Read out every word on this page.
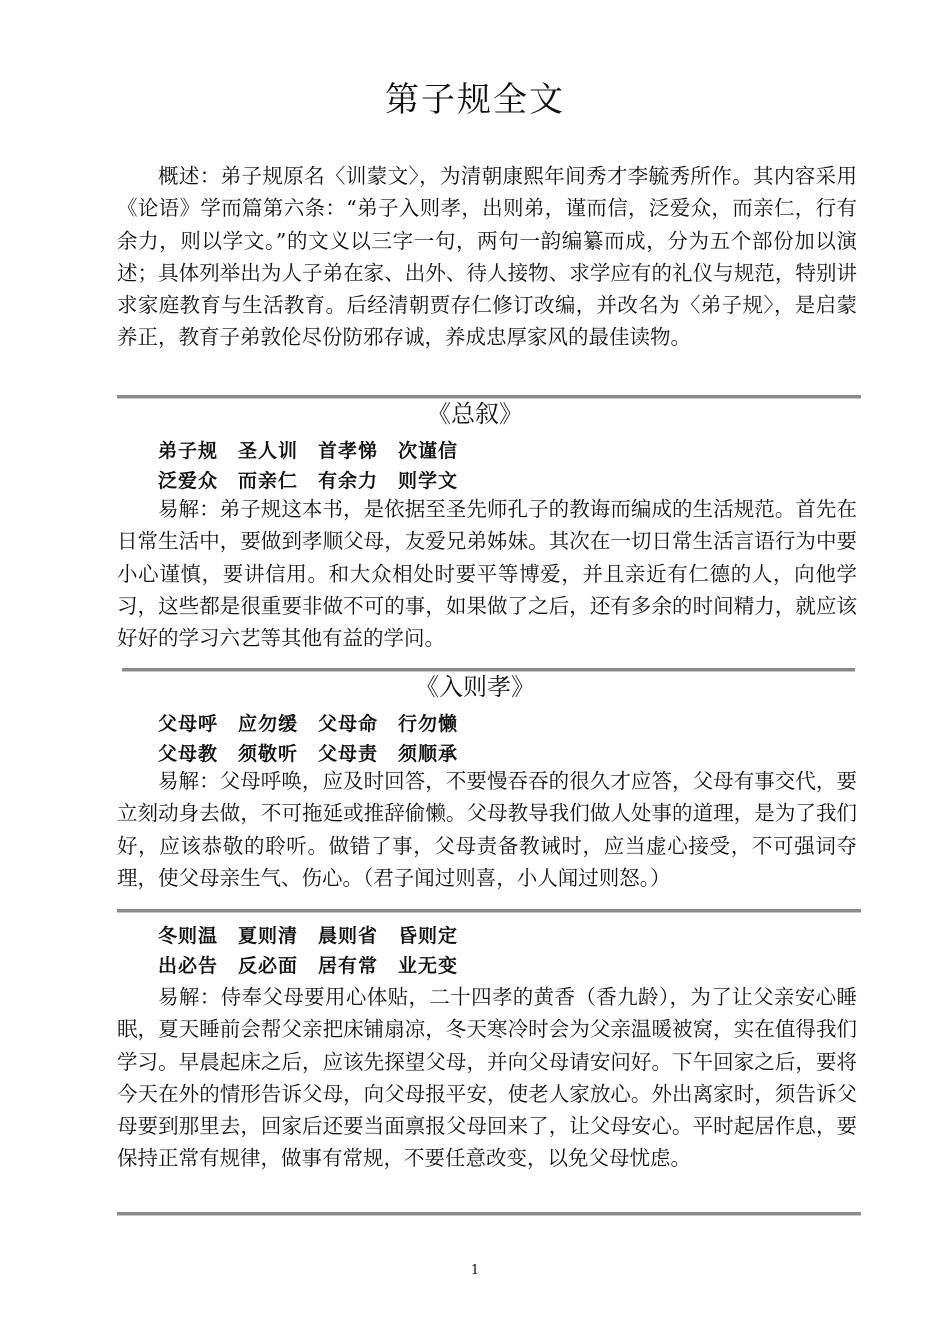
第子规全文

概述：弟子规原名〈训蒙文〉，为清朝康熙年间秀才李毓秀所作。其内容采用《论语》学而篇第六条：“弟子入则孝，出则弟，谨而信，泛爱众，而亲仁，行有余力，则以学文。”的文义以三字一句，两句一韵编纂而成，分为五个部份加以演述；具体列举出为人子弟在家、出外、待人接物、求学应有的礼仪与规范，特别讲求家庭教育与生活教育。后经清朝贾存仁修订改编，并改名为〈弟子规〉，是启蒙养正，教育子弟敦伦尽份防邪存诚，养成忠厚家风的最佳读物。

《总叙》

弟子规　圣人训　首孝悌　次谨信

泛爱众　而亲仁　有余力　则学文

易解：弟子规这本书，是依据至圣先师孔子的教诲而编成的生活规范。首先在日常生活中，要做到孝顺父母，友爱兄弟姊妹。其次在一切日常生活言语行为中要小心谨慎，要讲信用。和大众相处时要平等博爱，并且亲近有仁德的人，向他学习，这些都是很重要非做不可的事，如果做了之后，还有多余的时间精力，就应该好好的学习六艺等其他有益的学问。

《入则孝》

父母呼　应勿缓　父母命　行勿懒

父母教　须敬听　父母责　须顺承

易解：父母呼唤，应及时回答，不要慢吞吞的很久才应答，父母有事交代，要立刻动身去做，不可拖延或推辞偷懒。父母教导我们做人处事的道理，是为了我们好，应该恭敬的聆听。做错了事，父母责备教诫时，应当虚心接受，不可强词夺理，使父母亲生气、伤心。（君子闻过则喜，小人闻过则怒。）

冬则温　夏则清　晨则省　昏则定

出必告　反必面　居有常　业无变

易解：侍奉父母要用心体贴，二十四孝的黄香（香九龄），为了让父亲安心睡眠，夏天睡前会帮父亲把床铺扇凉，冬天寒冷时会为父亲温暖被窝，实在值得我们学习。早晨起床之后，应该先探望父母，并向父母请安问好。下午回家之后，要将今天在外的情形告诉父母，向父母报平安，使老人家放心。外出离家时，须告诉父母要到那里去，回家后还要当面禀报父母回来了，让父母安心。平时起居作息，要保持正常有规律，做事有常规，不要任意改变，以免父母忧虑。

1
